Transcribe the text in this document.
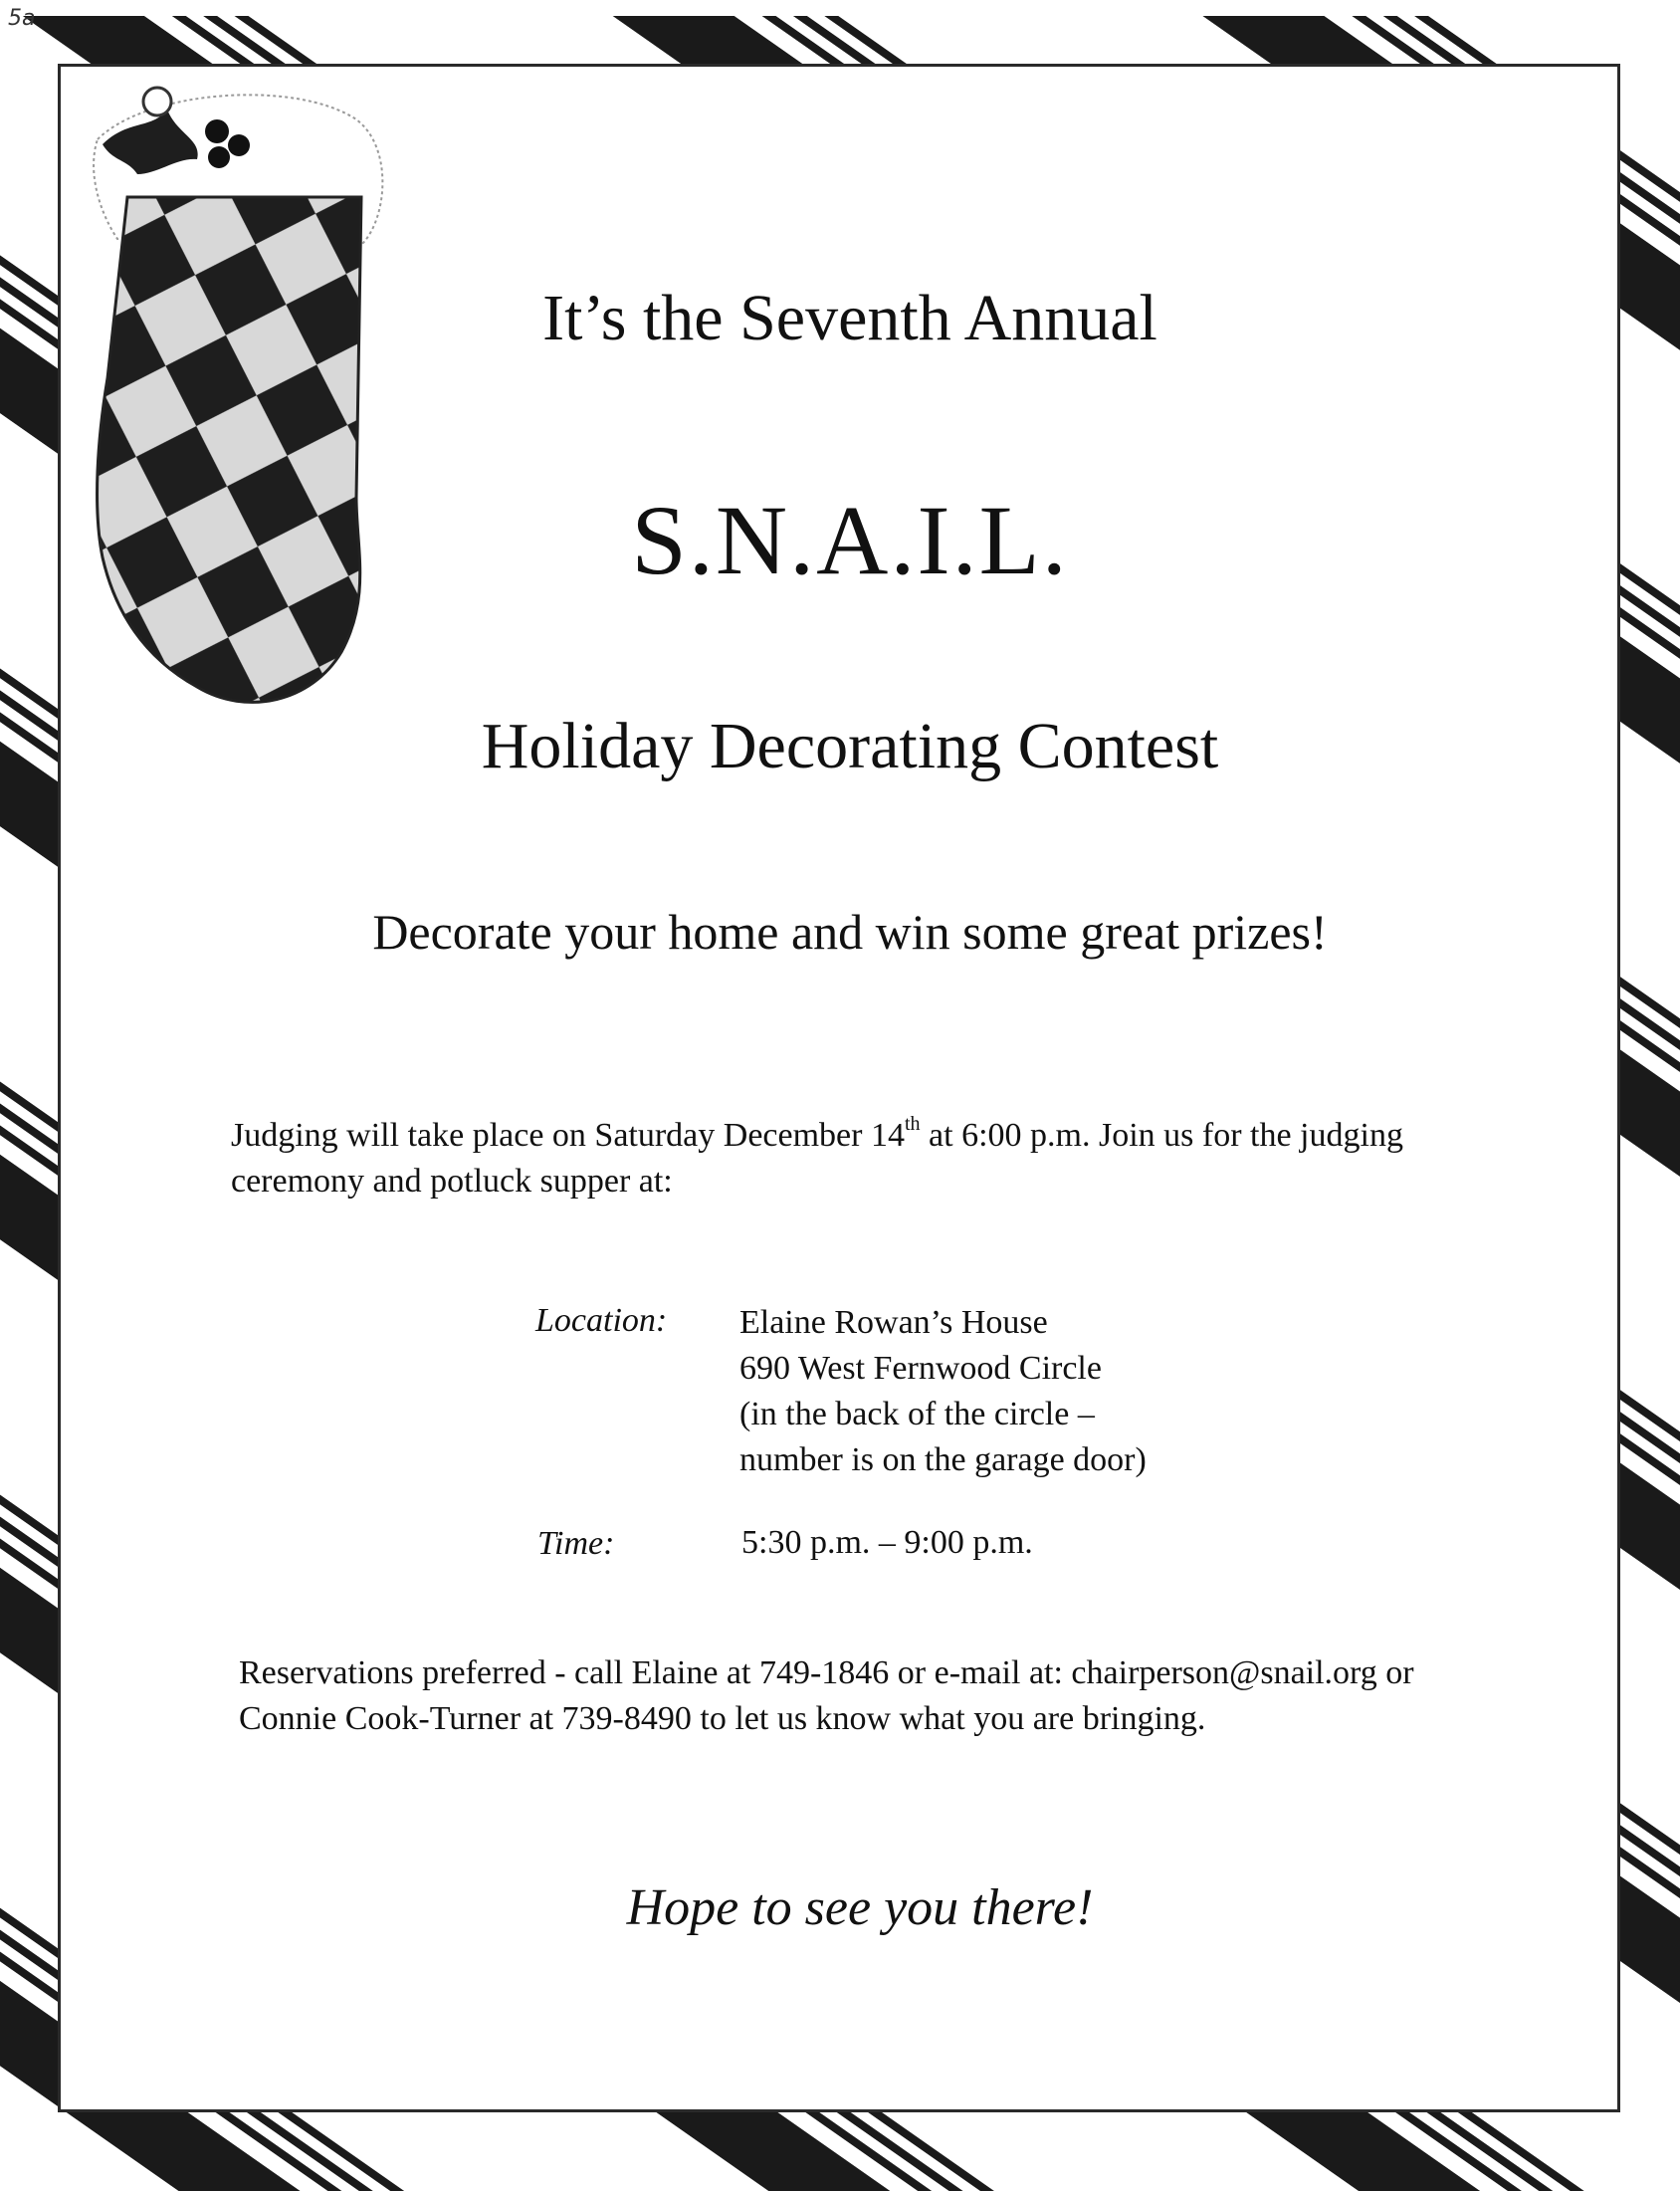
5a
It’s the Seventh Annual
S.N.A.I.L.
Holiday Decorating Contest
Decorate your home and win some great prizes!
Judging will take place on Saturday December 14th at 6:00 p.m. Join us for the judging ceremony and potluck supper at:
Location: Elaine Rowan’s House
690 West Fernwood Circle
(in the back of the circle –
number is on the garage door)
Time:	5:30 p.m. – 9:00 p.m.
Reservations preferred - call Elaine at 749-1846 or e-mail at: chairperson@snail.org or Connie Cook-Turner at 739-8490 to let us know what you are bringing.
Hope to see you there!
